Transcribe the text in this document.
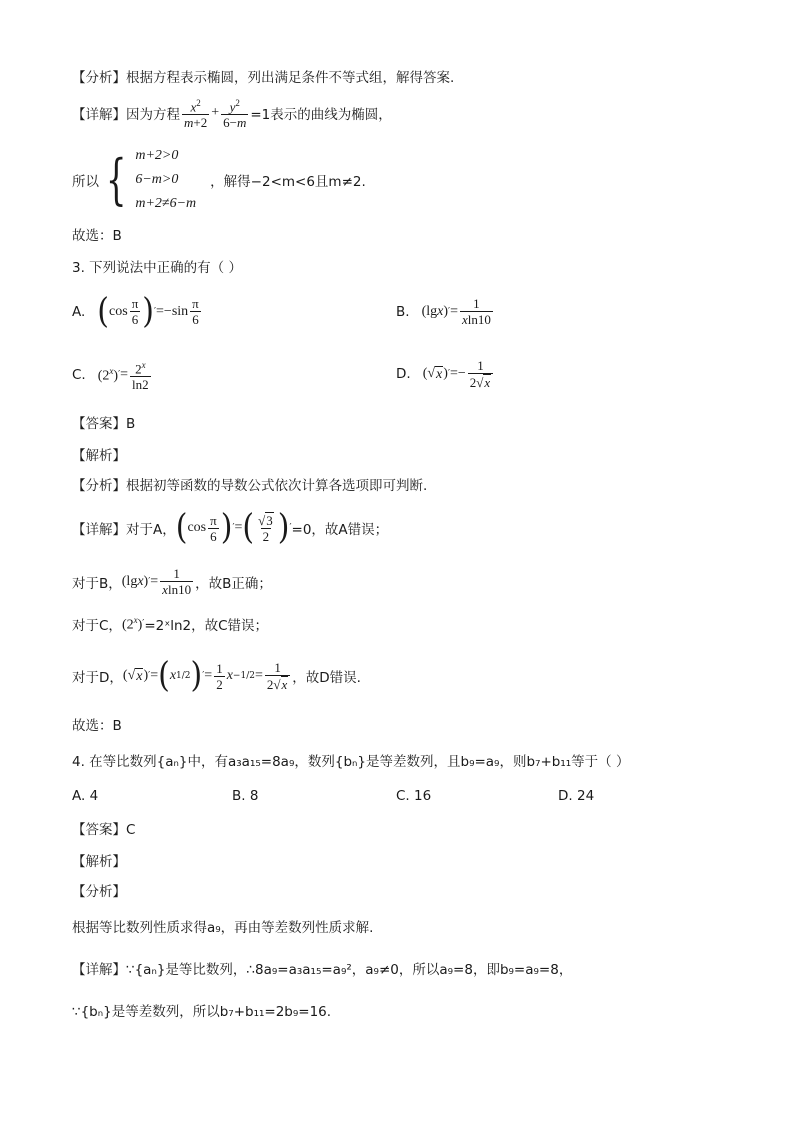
【分析】根据方程表示椭圆，列出满足条件不等式组，解得答案.
【详解】 因为方程 $\frac{x^2}{m+2} + \frac{y^2}{6-m} =1$表示的曲线为椭圆，
所以 { m+2>0
6−m>0
m+2≠6−m
，解得−2<m<6且m≠2.
故选：B
3. 下列说法中正确的有（ ）
A. ( $\cos \frac{\pi}{6}$ ) ′ $=-\sin \frac{\pi}{6}$	B. (lgx) ′ = $\frac{1}{xln10}$
C. (2$^x$) ′ = $\frac{2^x}{\ln 2}$	D. (√ x ) ′ =− $\frac{1}{2√ x}$
【答案】B
【解析】
【分析】根据初等函数的导数公式依次计算各选项即可判断.
【详解】对于A， ( $\cos \frac{\pi}{6}$ ) ′ = ( $\frac{√ 3}{2}$ ) ′ =0，故A错误；
对于B， (lgx) ′ = $\frac{1}{xln10}$ ，故B正确；
对于C， (2$^x$) ′ =2ˣln2，故C错误；
对于D， (√ x ) ′ = ( x 1/2 ) ′ = $\frac{1}{2}$ $x -1/2 = \frac{1}{2√ x}$ ，故D错误.
故选：B
4. 在等比数列{aₙ}中，有a₃a₁₅=8a₉，数列{bₙ}是等差数列，且b₉=a₉，则b₇+b₁₁等于（ ）
A. 4	B. 8	C. 16	D. 24
【答案】C
【解析】
【分析】
根据等比数列性质求得a₉，再由等差数列性质求解.
【详解】∵{aₙ}是等比数列，∴8a₉=a₃a₁₅=a₉²，a₉≠0，所以a₉=8，即b₉=a₉=8，
∵{bₙ}是等差数列，所以b₇+b₁₁=2b₉=16.
